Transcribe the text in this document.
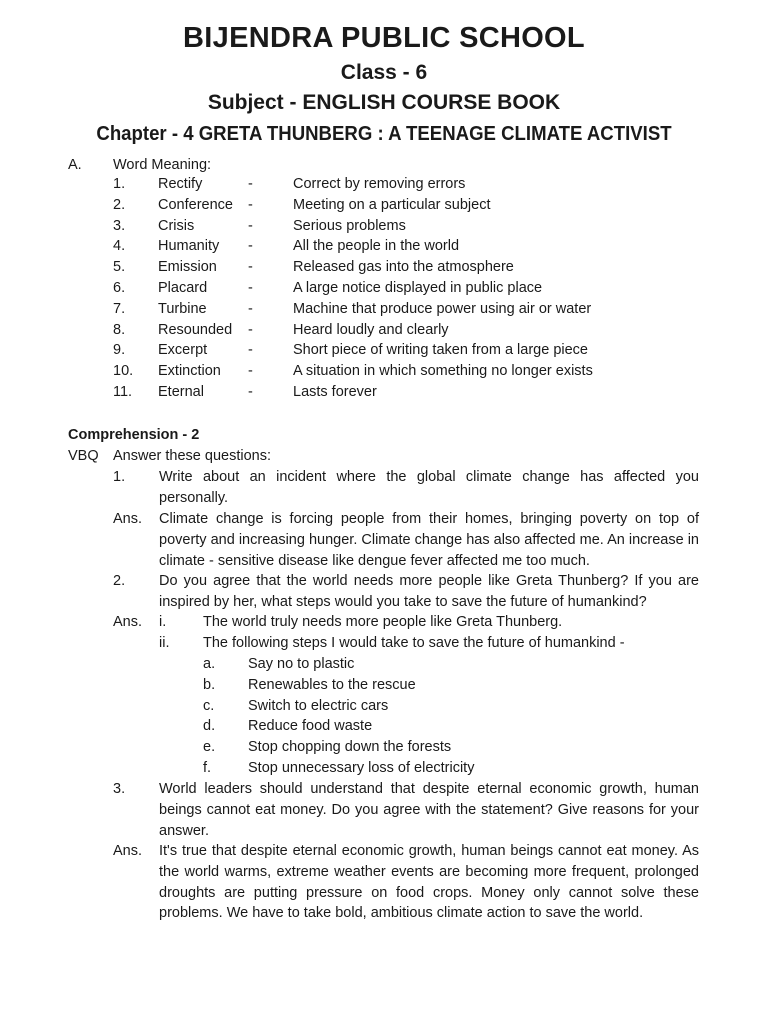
BIJENDRA PUBLIC SCHOOL
Class - 6
Subject - ENGLISH COURSE BOOK
Chapter - 4 GRETA THUNBERG : A TEENAGE CLIMATE ACTIVIST
A. Word Meaning:
1. Rectify	-	Correct by removing errors
2. Conference -	Meeting on a particular subject
3. Crisis	-	Serious problems
4. Humanity -	All the people in the world
5. Emission -	Released gas into the atmosphere
6. Placard	-	A large notice displayed in public place
7. Turbine	-	Machine that produce power using air or water
8. Resounded -	Heard loudly and clearly
9. Excerpt	-	Short piece of writing taken from a large piece
10. Extinction -	A situation in which something no longer exists
11. Eternal	-	Lasts forever
Comprehension - 2
VBQ Answer these questions:
1. Write about an incident where the global climate change has affected you personally.
Ans. Climate change is forcing people from their homes, bringing poverty on top of poverty and increasing hunger. Climate change has also affected me. An increase in climate - sensitive disease like dengue fever affected me too much.
2. Do you agree that the world needs more people like Greta Thunberg? If you are inspired by her, what steps would you take to save the future of humankind?
Ans. i.	The world truly needs more people like Greta Thunberg.
ii. The following steps I would take to save the future of humankind -
a. Say no to plastic
b. Renewables to the rescue
c. Switch to electric cars
d. Reduce food waste
e. Stop chopping down the forests
f.	Stop unnecessary loss of electricity
3. World leaders should understand that despite eternal economic growth, human beings cannot eat money. Do you agree with the statement? Give reasons for your answer.
Ans. It's true that despite eternal economic growth, human beings cannot eat money. As the world warms, extreme weather events are becoming more frequent, prolonged droughts are putting pressure on food crops. Money only cannot solve these problems. We have to take bold, ambitious climate action to save the world.
